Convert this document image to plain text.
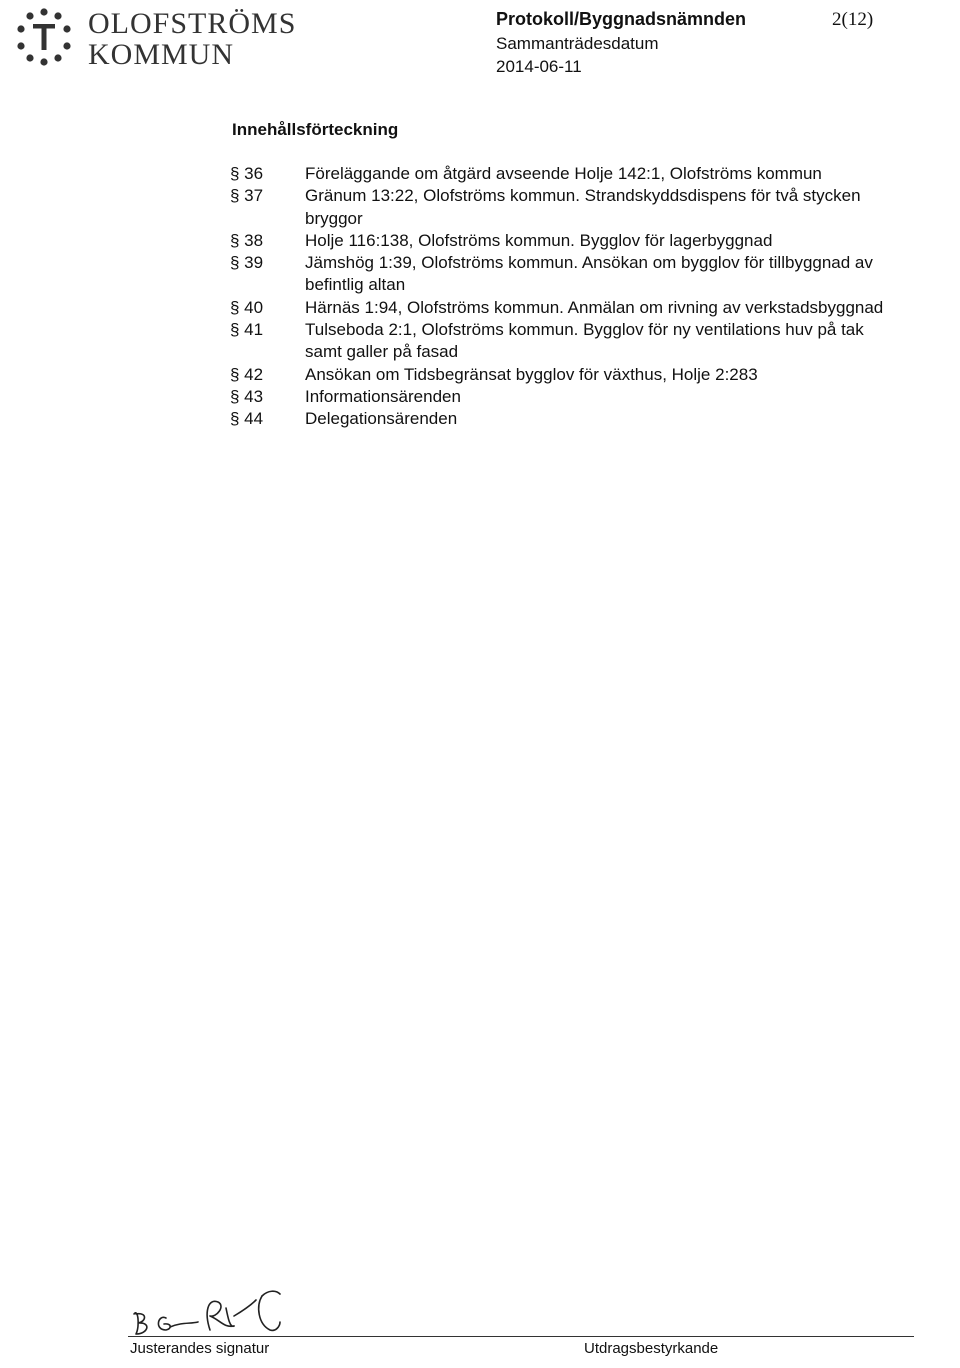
OLOFSTRÖMS
KOMMUN
Protokoll/Byggnadsnämnden	2(12)
Sammanträdesdatum
2014-06-11
Innehållsförteckning
§ 36 Föreläggande om åtgärd avseende Holje 142:1, Olofströms kommun
§ 37 Gränum 13:22, Olofströms kommun. Strandskyddsdispens för två stycken
bryggor
§ 38 Holje 116:138, Olofströms kommun. Bygglov för lagerbyggnad
§ 39 Jämshög 1:39, Olofströms kommun. Ansökan om bygglov för tillbyggnad av
befintlig altan
§ 40 Härnäs 1:94, Olofströms kommun. Anmälan om rivning av verkstadsbyggnad
§ 41 Tulseboda 2:1, Olofströms kommun. Bygglov för ny ventilations huv på tak
samt galler på fasad
§ 42 Ansökan om Tidsbegränsat bygglov för växthus, Holje 2:283
§ 43 Informationsärenden
§ 44 Delegationsärenden
Justerandes signatur	Utdragsbestyrkande
